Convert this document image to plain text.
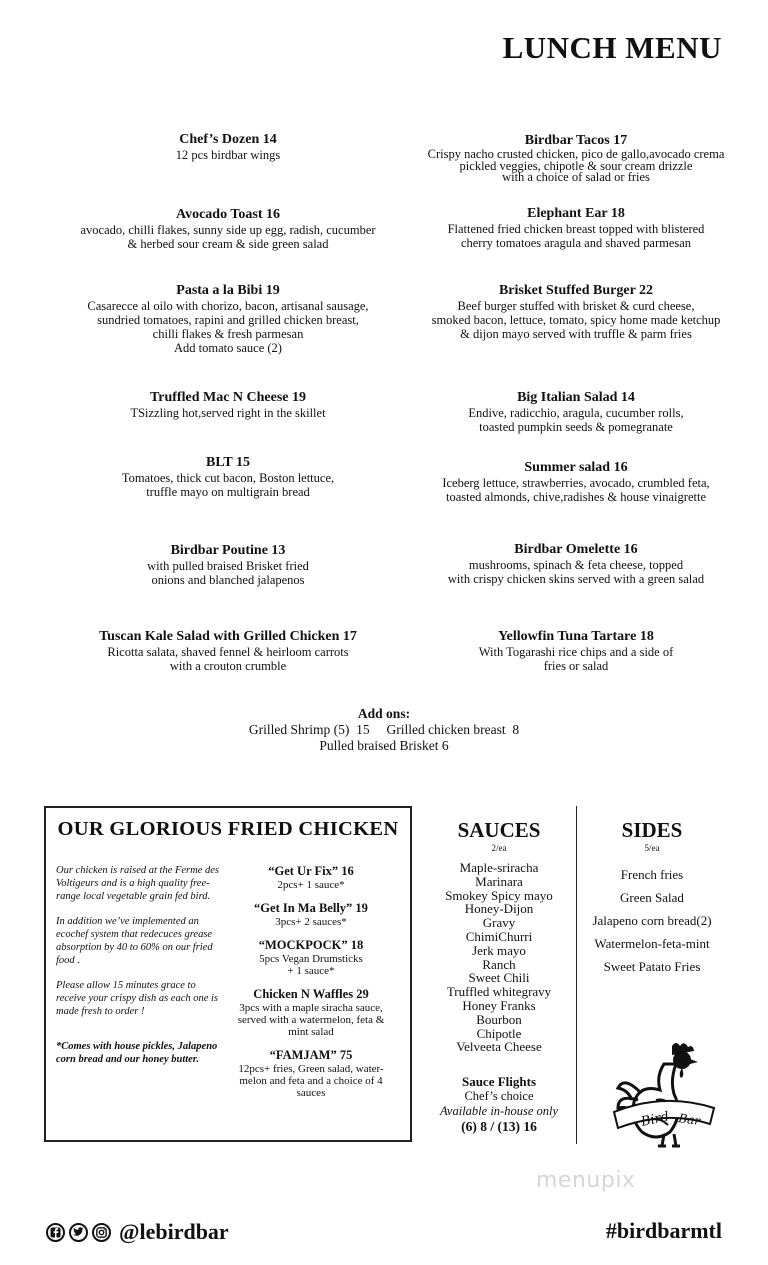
LUNCH MENU
Chef’s Dozen 14
12 pcs birdbar wings
Avocado Toast 16
avocado, chilli flakes, sunny side up egg, radish, cucumber
& herbed sour cream & side green salad
Pasta a la Bibi 19
Casarecce al oilo with chorizo, bacon, artisanal sausage,
sundried tomatoes, rapini and grilled chicken breast,
chilli flakes & fresh parmesan
Add tomato sauce (2)
Truffled Mac N Cheese 19
TSizzling hot,served right in the skillet
BLT 15
Tomatoes, thick cut bacon, Boston lettuce,
truffle mayo on multigrain bread
Birdbar Poutine 13
with pulled braised Brisket fried
onions and blanched jalapenos
Tuscan Kale Salad with Grilled Chicken 17
Ricotta salata, shaved fennel & heirloom carrots
with a crouton crumble
Birdbar Tacos 17
Crispy nacho crusted chicken, pico de gallo,avocado crema
pickled veggies, chipotle & sour cream drizzle
with a choice of salad or fries
Elephant Ear 18
Flattened fried chicken breast topped with blistered
cherry tomatoes aragula and shaved parmesan
Brisket Stuffed Burger 22
Beef burger stuffed with brisket & curd cheese,
smoked bacon, lettuce, tomato, spicy home made ketchup
& dijon mayo served with truffle & parm fries
Big Italian Salad 14
Endive, radicchio, aragula, cucumber rolls,
toasted pumpkin seeds & pomegranate
Summer salad 16
Iceberg lettuce, strawberries, avocado, crumbled feta,
toasted almonds, chive,radishes & house vinaigrette
Birdbar Omelette 16
mushrooms, spinach & feta cheese, topped
with crispy chicken skins served with a green salad
Yellowfin Tuna Tartare 18
With Togarashi rice chips and a side of
fries or salad
Add ons:
Grilled Shrimp (5)  15     Grilled chicken breast  8
Pulled braised Brisket 6
OUR GLORIOUS FRIED CHICKEN

Our chicken is raised at the Ferme des Voltigeurs and is a high quality free-range local vegetable grain fed bird.

In addition we’ve implemented an ecochef system that redecuces grease absorption by 40 to 60% on our fried food .

Please allow 15 minutes grace to receive your crispy dish as each one is made fresh to order !

*Comes with house pickles, Jalapeno corn bread and our honey butter.

“Get Ur Fix” 16
2pcs+ 1 sauce*
“Get In Ma Belly” 19
3pcs+ 2 sauces*
“MOCKPOCK” 18
5pcs Vegan Drumsticks
+ 1 sauce*
Chicken N Waffles 29
3pcs with a maple siracha sauce,
served with a watermelon, feta &
mint salad
“FAMJAM” 75
12pcs+ fries, Green salad, water-
melon and feta and a choice of 4
sauces
SAUCES
2/ea
Maple-sriracha
Marinara
Smokey Spicy mayo
Honey-Dijon
Gravy
ChimiChurri
Jerk mayo
Ranch
Sweet Chili
Truffled whitegravy
Honey Franks
Bourbon
Chipotle
Velveeta Cheese
Sauce Flights
Chef’s choice
Available in-house only
(6) 8 / (13) 16
SIDES
5/ea
French fries
Green Salad
Jalapeno corn bread(2)
Watermelon-feta-mint
Sweet Patato Fries
Bird Bar
menupix
@lebirdbar	#birdbarmtl
